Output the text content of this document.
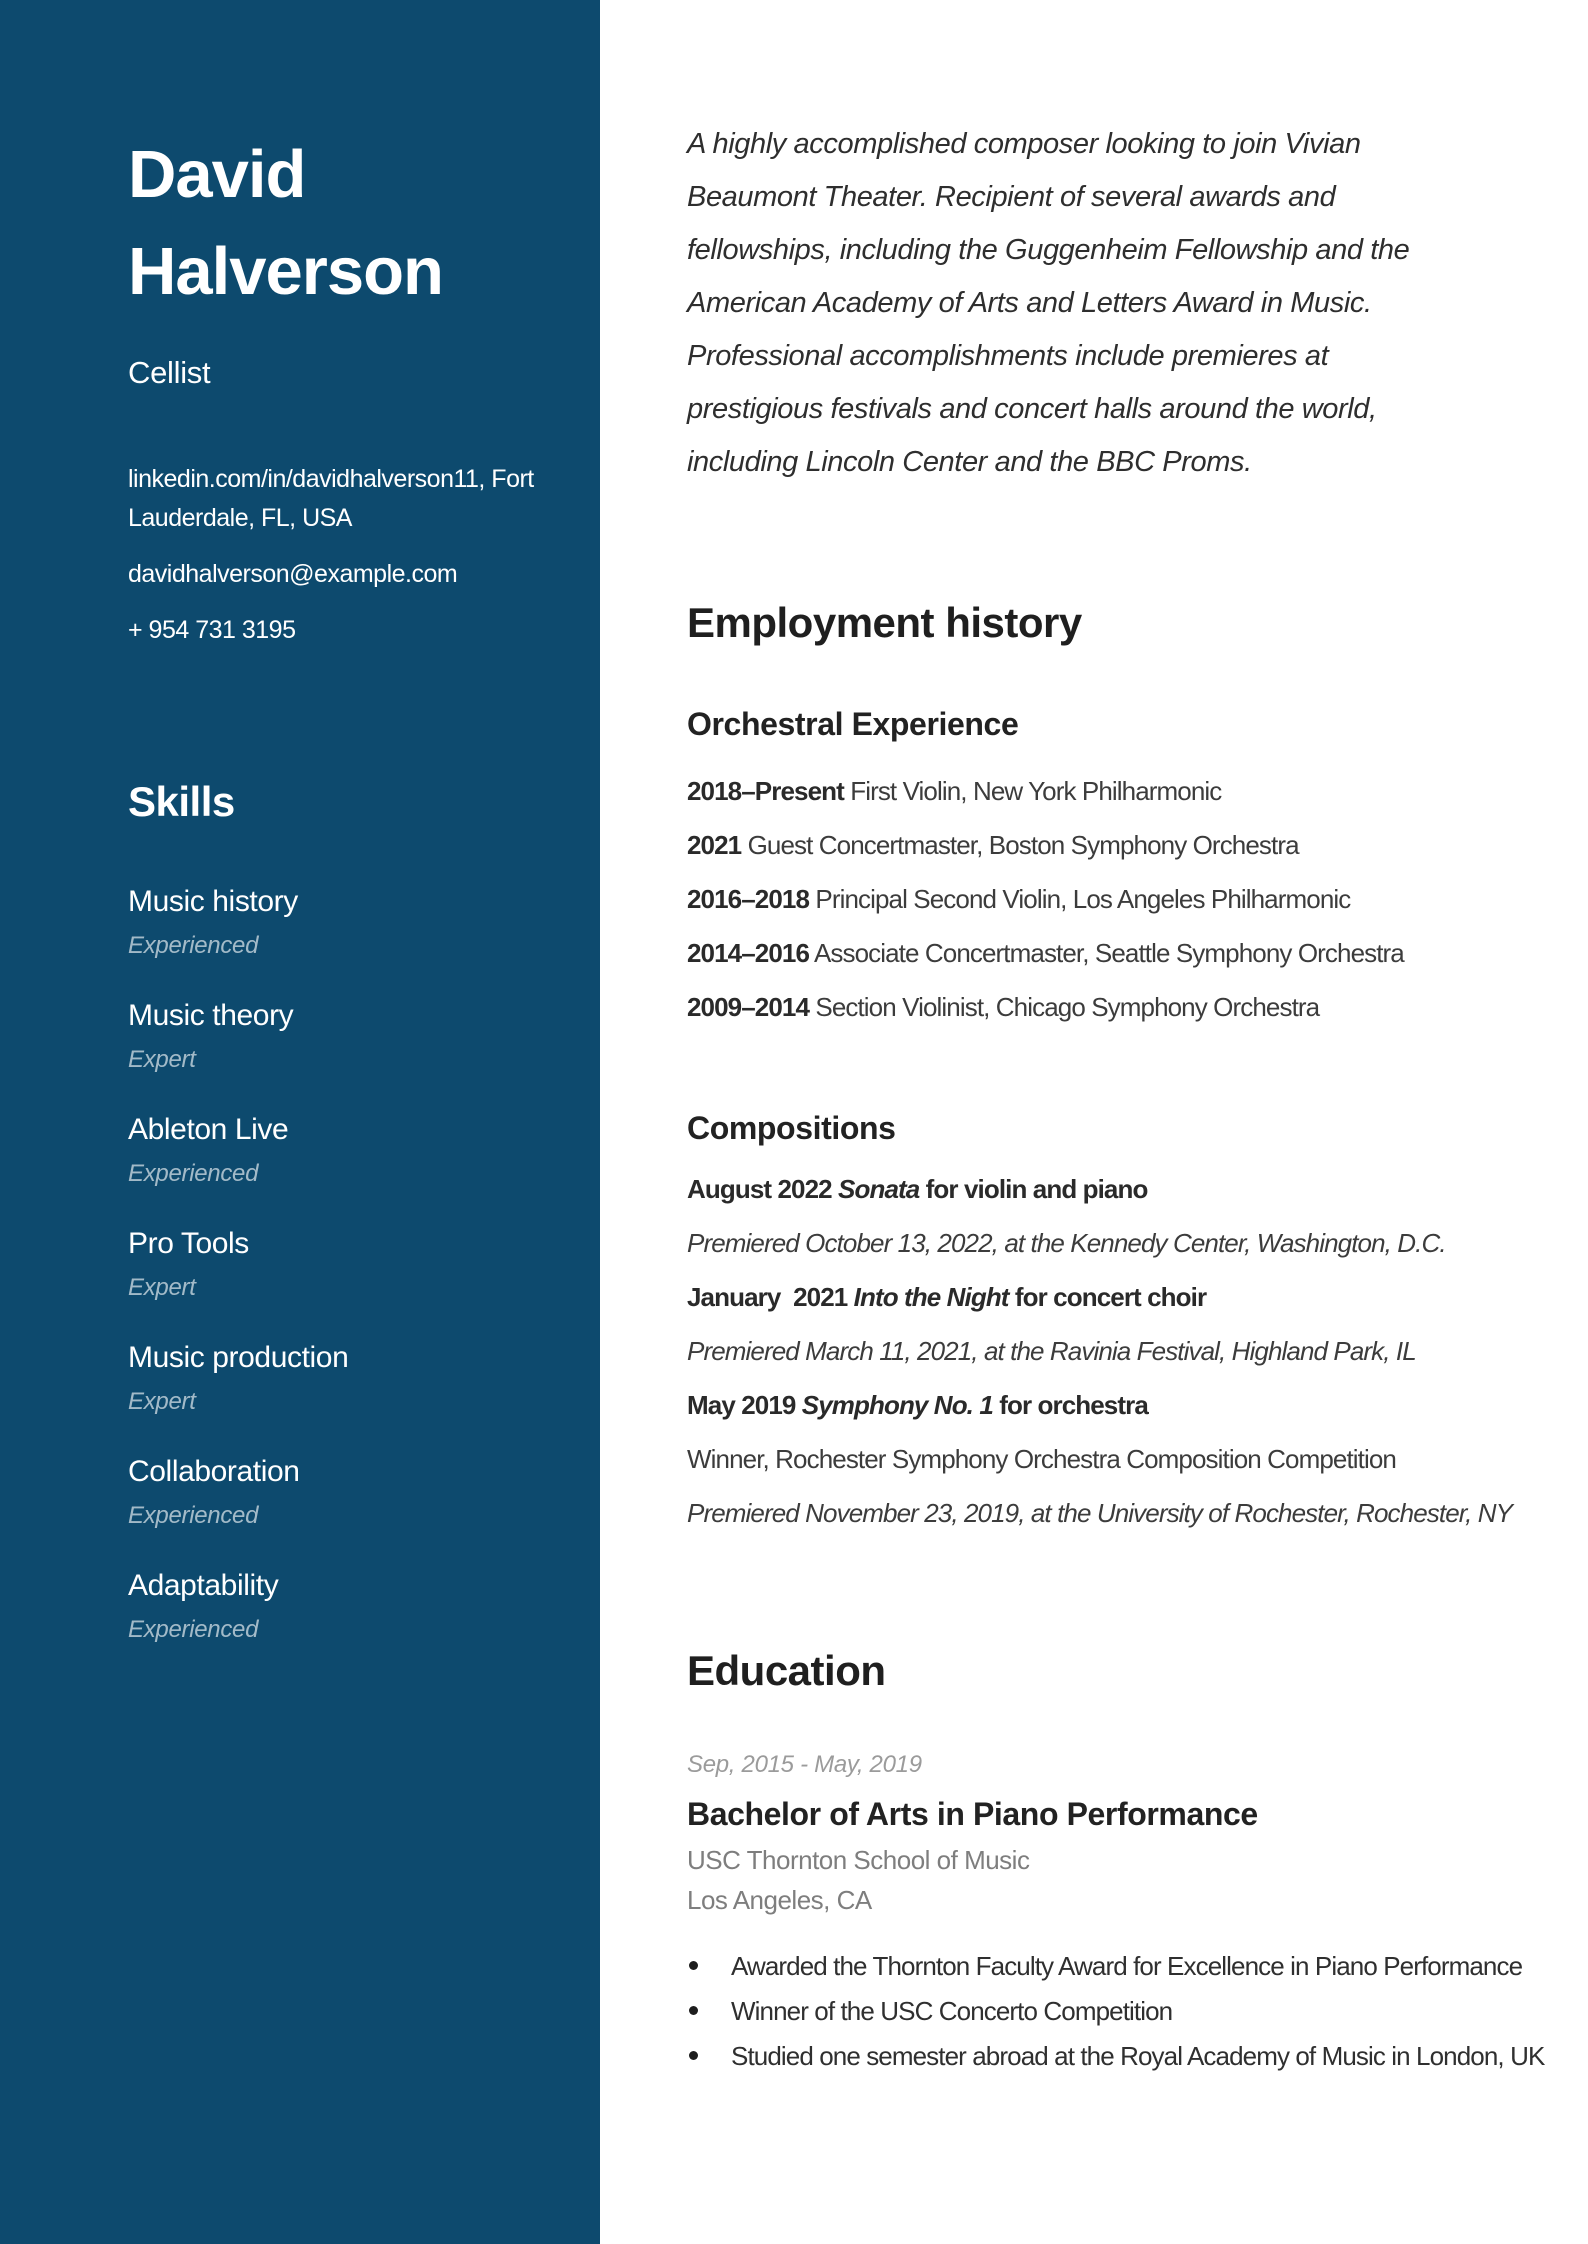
David Halverson
Cellist
linkedin.com/in/davidhalverson11, Fort
Lauderdale, FL, USA
davidhalverson@example.com
+ 954 731 3195
Skills
Music history
Experienced
Music theory
Expert
Ableton Live
Experienced
Pro Tools
Expert
Music production
Expert
Collaboration
Experienced
Adaptability
Experienced
A highly accomplished composer looking to join Vivian
Beaumont Theater. Recipient of several awards and
fellowships, including the Guggenheim Fellowship and the
American Academy of Arts and Letters Award in Music.
Professional accomplishments include premieres at
prestigious festivals and concert halls around the world,
including Lincoln Center and the BBC Proms.
Employment history
Orchestral Experience
2018–Present First Violin, New York Philharmonic
2021 Guest Concertmaster, Boston Symphony Orchestra
2016–2018 Principal Second Violin, Los Angeles Philharmonic
2014–2016 Associate Concertmaster, Seattle Symphony Orchestra
2009–2014 Section Violinist, Chicago Symphony Orchestra
Compositions
August 2022 Sonata for violin and piano
Premiered October 13, 2022, at the Kennedy Center, Washington, D.C.
January  2021 Into the Night for concert choir
Premiered March 11, 2021, at the Ravinia Festival, Highland Park, IL
May 2019 Symphony No. 1 for orchestra
Winner, Rochester Symphony Orchestra Composition Competition
Premiered November 23, 2019, at the University of Rochester, Rochester, NY
Education
Sep, 2015 - May, 2019
Bachelor of Arts in Piano Performance
USC Thornton School of Music
Los Angeles, CA
Awarded the Thornton Faculty Award for Excellence in Piano Performance
Winner of the USC Concerto Competition
Studied one semester abroad at the Royal Academy of Music in London, UK
